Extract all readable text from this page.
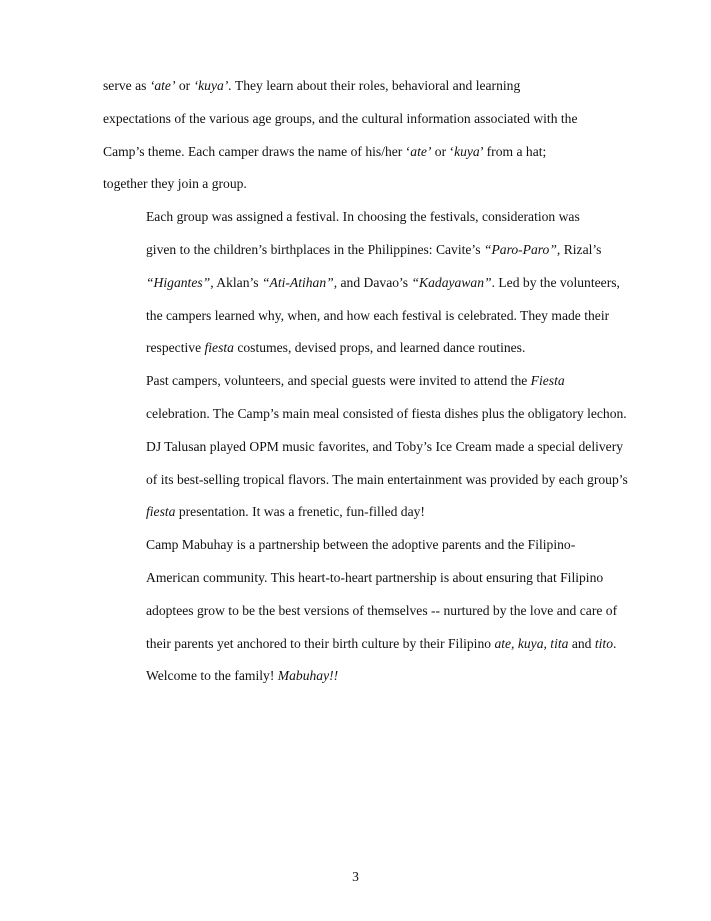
serve as ‘ate’ or ‘kuya’. They learn about their roles, behavioral and learning
expectations of the various age groups, and the cultural information associated with the
Camp’s theme. Each camper draws the name of his/her ‘ate’ or ‘kuya’ from a hat;
together they join a group.

Each group was assigned a festival. In choosing the festivals, consideration was
given to the children’s birthplaces in the Philippines: Cavite’s “Paro-Paro”, Rizal’s
“Higantes”, Aklan’s “Ati-Atihan”, and Davao’s “Kadayawan”. Led by the volunteers,
the campers learned why, when, and how each festival is celebrated. They made their
respective fiesta costumes, devised props, and learned dance routines.

Past campers, volunteers, and special guests were invited to attend the Fiesta
celebration. The Camp’s main meal consisted of fiesta dishes plus the obligatory lechon.
DJ Talusan played OPM music favorites, and Toby’s Ice Cream made a special delivery
of its best-selling tropical flavors. The main entertainment was provided by each group’s
fiesta presentation. It was a frenetic, fun-filled day!

Camp Mabuhay is a partnership between the adoptive parents and the Filipino-
American community. This heart-to-heart partnership is about ensuring that Filipino
adoptees grow to be the best versions of themselves -- nurtured by the love and care of
their parents yet anchored to their birth culture by their Filipino ate, kuya, tita and tito.
Welcome to the family! Mabuhay!!

3
